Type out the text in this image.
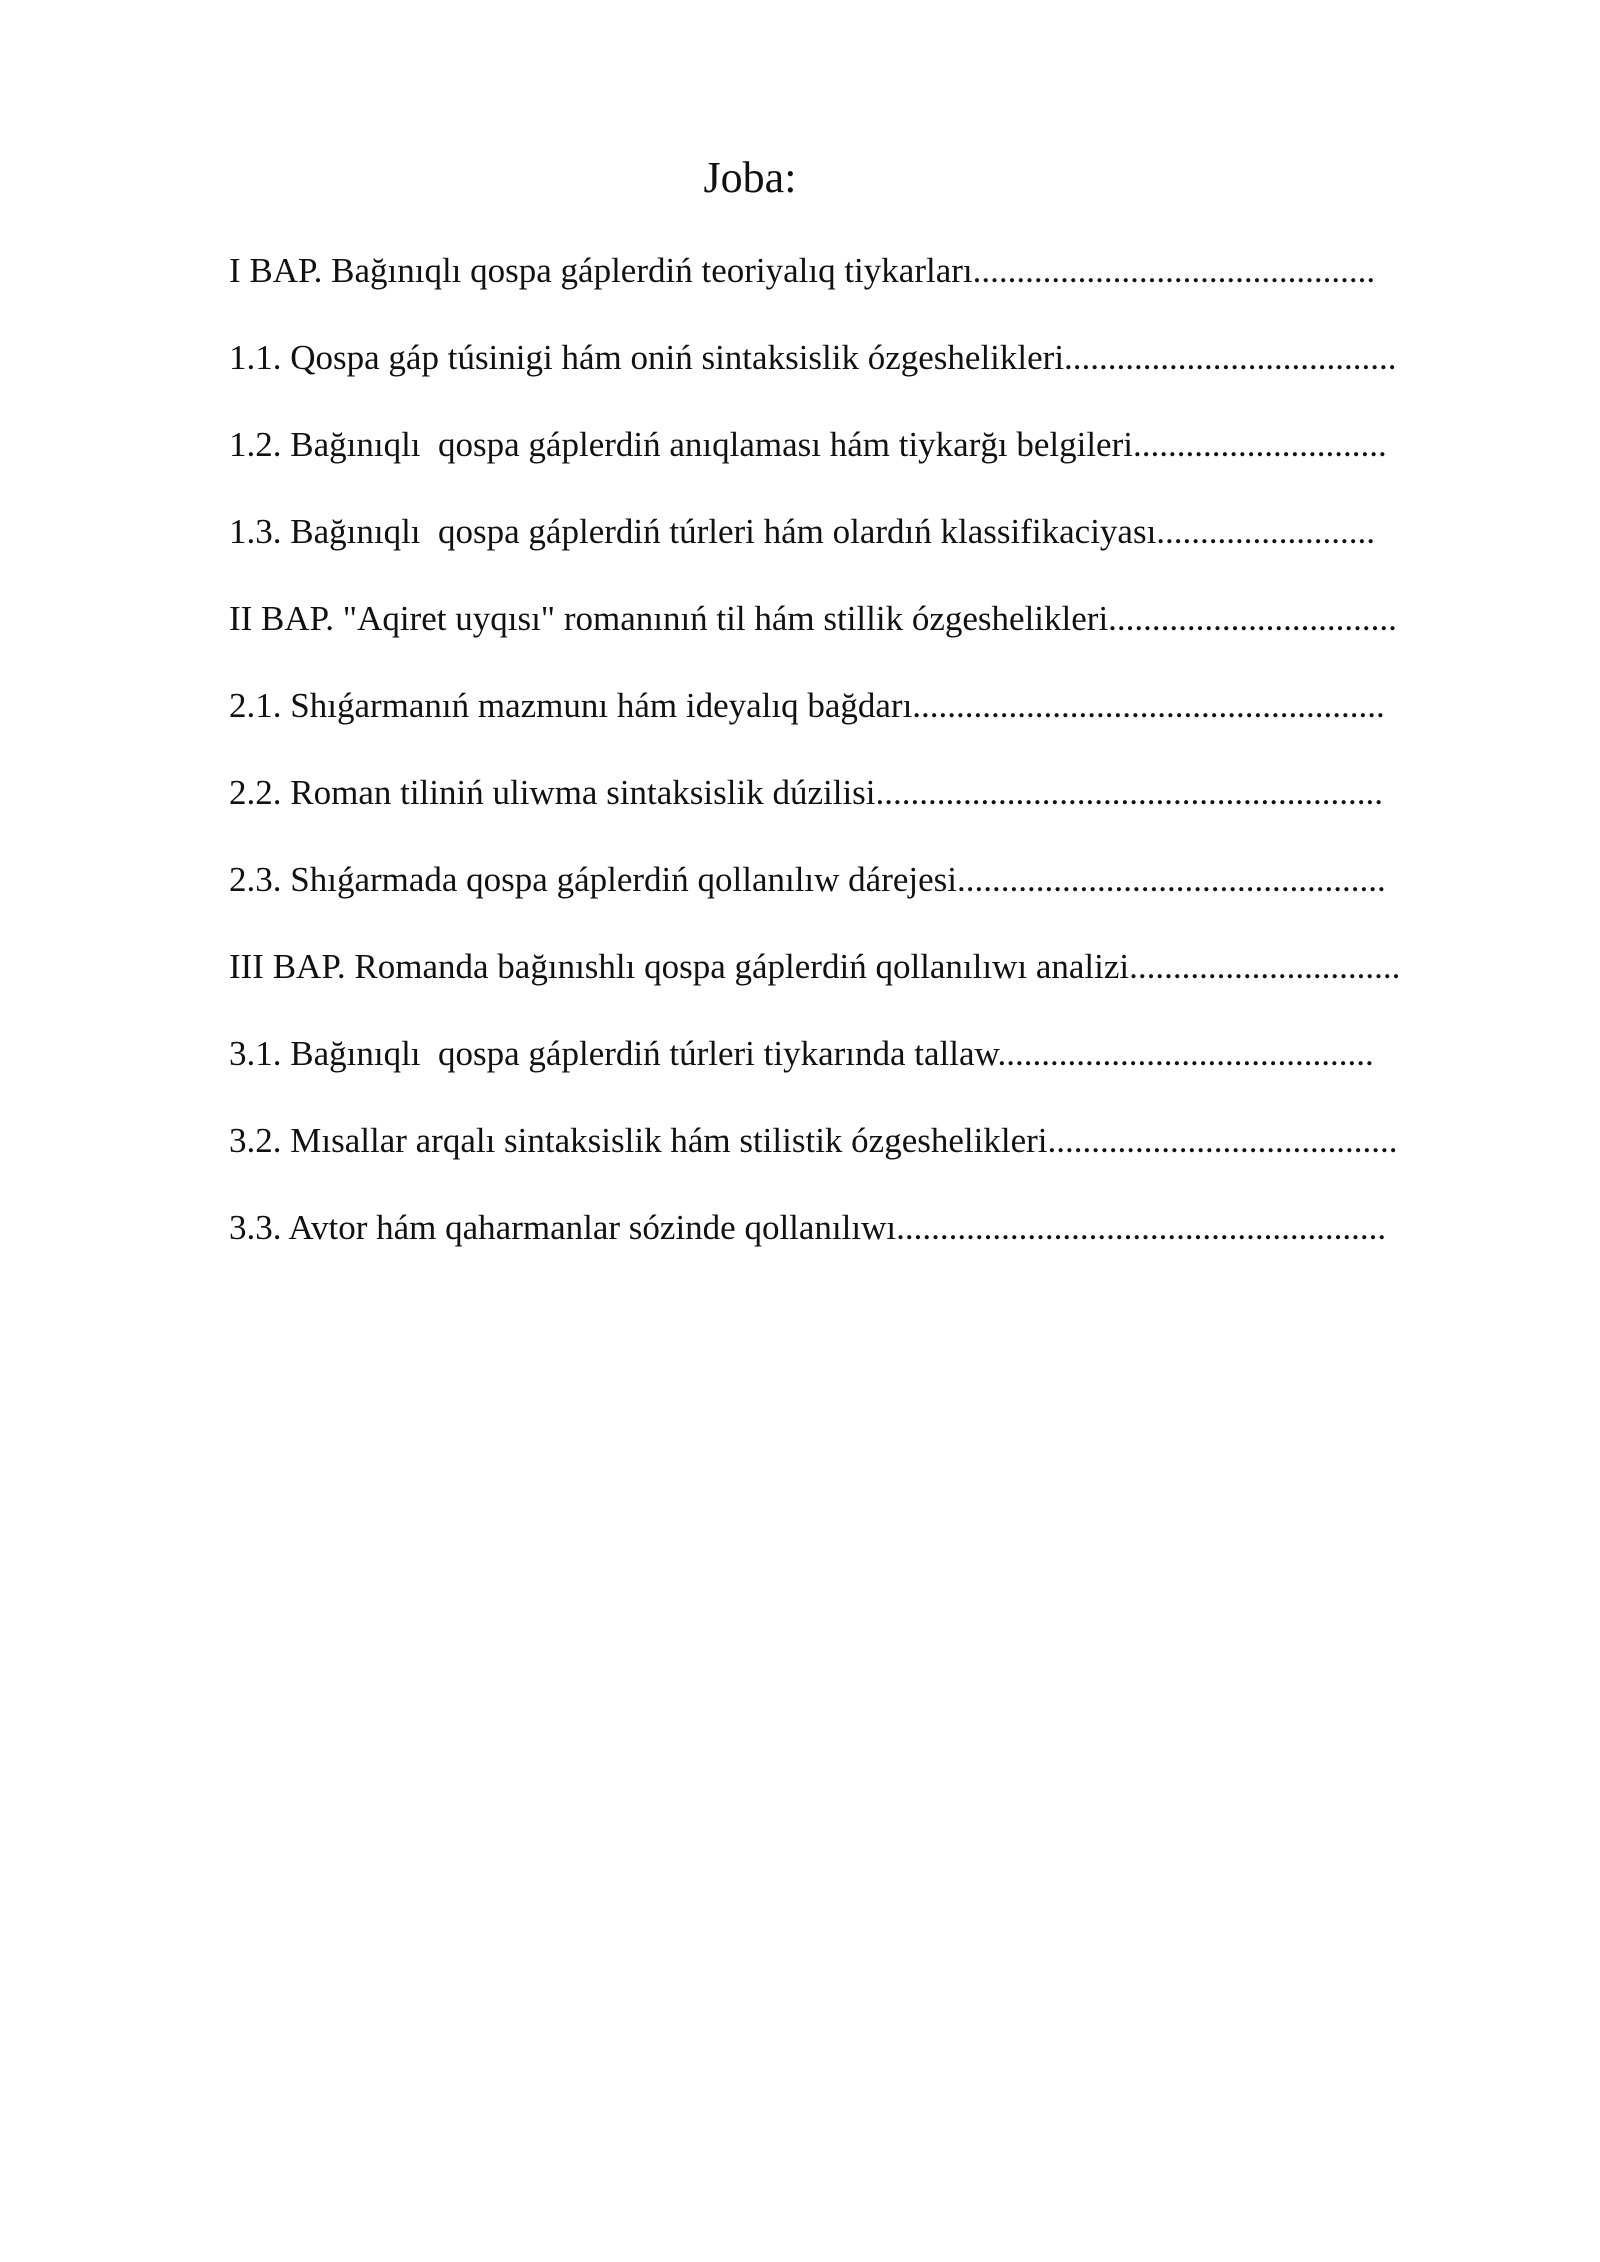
Joba:
I BAP. Bağınıqlı qospa gáplerdiń teoriyalıq tiykarları..............................................
1.1. Qospa gáp túsinigi hám oniń sintaksislik ózgeshelikleri......................................
1.2. Bağınıqlı  qospa gáplerdiń anıqlaması hám tiykarğı belgileri.............................
1.3. Bağınıqlı  qospa gáplerdiń túrleri hám olardıń klassifikaciyası.........................
II BAP. "Aqiret uyqısı" romanınıń til hám stillik ózgeshelikleri.................................
2.1. Shıǵarmanıń mazmunı hám ideyalıq bağdarı......................................................
2.2. Roman tiliniń uliwma sintaksislik dúzilisi..........................................................
2.3. Shıǵarmada qospa gáplerdiń qollanılıw dárejesi.................................................
III BAP. Romanda bağınıshlı qospa gáplerdiń qollanılıwı analizi...............................
3.1. Bağınıqlı  qospa gáplerdiń túrleri tiykarında tallaw...........................................
3.2. Mısallar arqalı sintaksislik hám stilistik ózgeshelikleri........................................
3.3. Avtor hám qaharmanlar sózinde qollanılıwı........................................................
